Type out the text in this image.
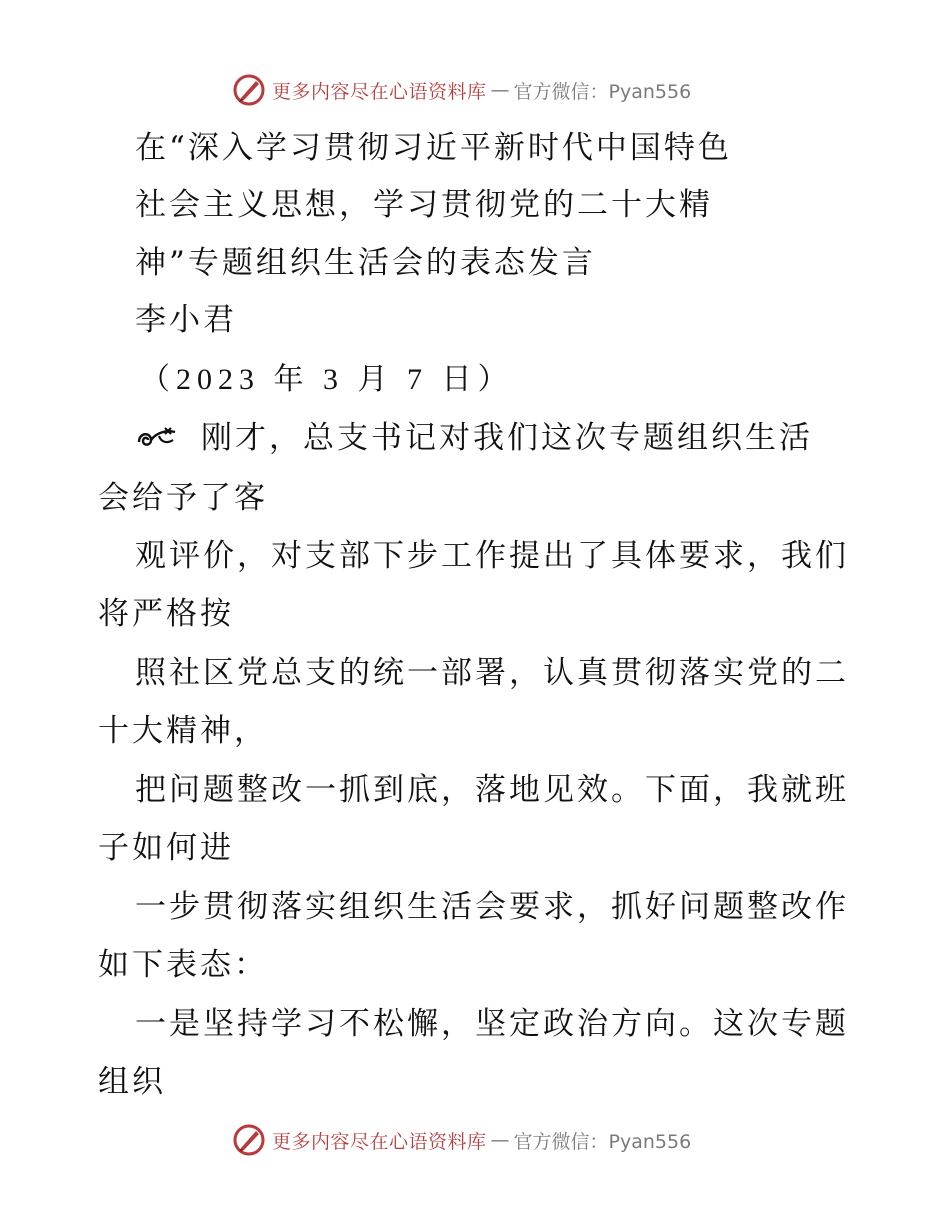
更多内容尽在心语资料库 — 官方微信：Pyan556
在“深入学习贯彻习近平新时代中国特色
社会主义思想，学习贯彻党的二十大精
神”专题组织生活会的表态发言
李小君
（2023 年 3 月 7 日）
刚才，总支书记对我们这次专题组织生活
会给予了客
观评价，对支部下步工作提出了具体要求，我们
将严格按
照社区党总支的统一部署，认真贯彻落实党的二
十大精神，
把问题整改一抓到底，落地见效。下面，我就班
子如何进
一步贯彻落实组织生活会要求，抓好问题整改作
如下表态：
一是坚持学习不松懈，坚定政治方向。这次专题
组织
更多内容尽在心语资料库 — 官方微信：Pyan556
